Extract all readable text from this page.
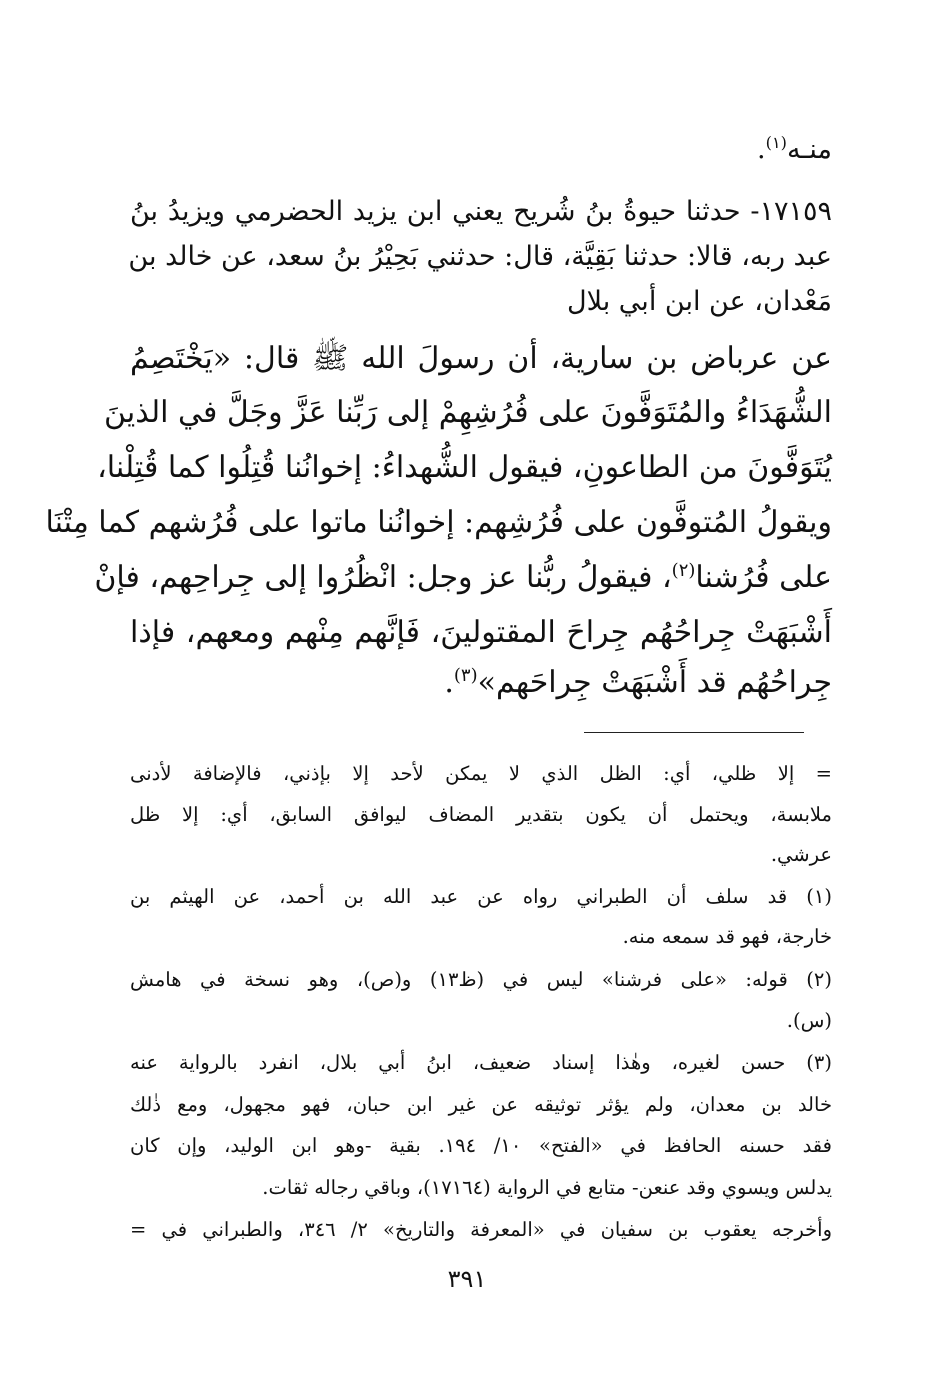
منـه$^{(١)}$.
١٧١٥٩- حدثنا حيوةُ بنُ شُريح يعني ابن يزيد الحضرمي ويزيدُ بنُ
عبد ربه، قالا: حدثنا بَقِيَّة، قال: حدثني بَحِيْرُ بنُ سعد، عن خالد بن
مَعْدان، عن ابن أبي بلال
عن عرباض بن سارية، أن رسولَ الله ﷺ قال: «يَخْتَصِمُ
الشُّهَدَاءُ والمُتَوَفَّونَ على فُرُشِهِمْ إلى رَبِّنا عَزَّ وجَلَّ في الذينَ
يُتَوَفَّونَ من الطاعونِ، فيقول الشُّهداءُ: إخوانُنا قُتِلُوا كما قُتِلْنا،
ويقولُ المُتوفَّون على فُرُشِهم: إخوانُنا ماتوا على فُرُشهم كما مِتْنَا
على فُرُشنا$^{(٢)}$، فيقولُ ربُّنا عز وجل: انْظُرُوا إلى جِراحِهم، فإنْ
أَشْبَهَتْ جِراحُهُم جِراحَ المقتولينَ، فَإنَّهم مِنْهم ومعهم، فإذا
جِراحُهُم قد أَشْبَهَتْ جِراحَهم»$^{(٣)}$.
= إلا ظلي، أي: الظل الذي لا يمكن لأحد إلا بإذني، فالإضافة لأدنى
ملابسة، ويحتمل أن يكون بتقدير المضاف ليوافق السابق، أي: إلا ظل
عرشي.
(١) قد سلف أن الطبراني رواه عن عبد الله بن أحمد، عن الهيثم بن
خارجة، فهو قد سمعه منه.
(٢) قوله: «على فرشنا» ليس في (ظ١٣) و(ص)، وهو نسخة في هامش
(س).
(٣) حسن لغيره، وهٰذا إسناد ضعيف، ابنُ أبي بلال، انفرد بالرواية عنه
خالد بن معدان، ولم يؤثر توثيقه عن غير ابن حبان، فهو مجهول، ومع ذٰلك
فقد حسنه الحافظ في «الفتح» ١٠/ ١٩٤. بقية -وهو ابن الوليد، وإن كان
يدلس ويسوي وقد عنعن- متابع في الرواية (١٧١٦٤)، وباقي رجاله ثقات.
وأخرجه يعقوب بن سفيان في «المعرفة والتاريخ» ٢/ ٣٤٦، والطبراني في =
٣٩١
